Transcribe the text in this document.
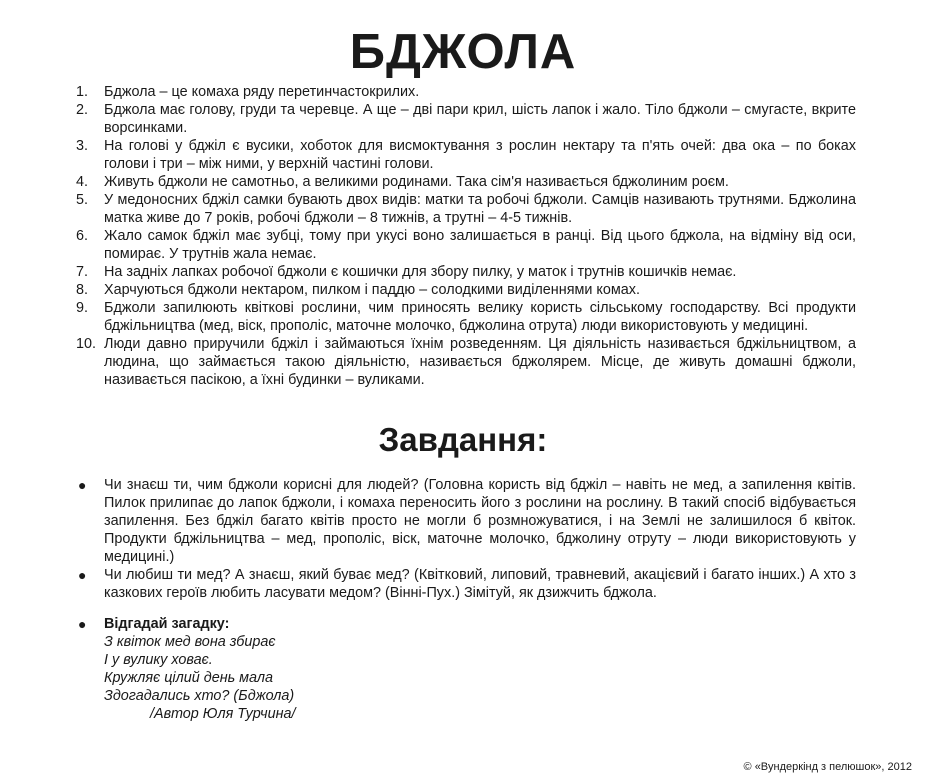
БДЖОЛА
1. Бджола – це комаха ряду перетинчастокрилих.
2. Бджола має голову, груди та черевце. А ще – дві пари крил, шість лапок і жало. Тіло бджоли – смугасте, вкрите ворсинками.
3. На голові у бджіл є вусики, хоботок для висмоктування з рослин нектару та п'ять очей: два ока – по боках голови і три – між ними, у верхній частині голови.
4. Живуть бджоли не самотньо, а великими родинами. Така сім'я називається бджолиним роєм.
5. У медоносних бджіл самки бувають двох видів: матки та робочі бджоли. Самців називають трутнями. Бджолина матка живе до 7 років, робочі бджоли – 8 тижнів, а трутні – 4-5 тижнів.
6. Жало самок бджіл має зубці, тому при укусі воно залишається в ранці. Від цього бджола, на відміну від оси, помирає. У трутнів жала немає.
7. На задніх лапках робочої бджоли є кошички для збору пилку, у маток і трутнів кошичків немає.
8. Харчуються бджоли нектаром, пилком і паддю – солодкими виділеннями комах.
9. Бджоли запилюють квіткові рослини, чим приносять велику користь сільському господарству. Всі продукти бджільництва (мед, віск, прополіс, маточне молочко, бджолина отрута) люди використовують у медицині.
10. Люди давно приручили бджіл і займаються їхнім розведенням. Ця діяльність називається бджільництвом, а людина, що займається такою діяльністю, називається бджолярем. Місце, де живуть домашні бджоли, називається пасікою, а їхні будинки – вуликами.
Завдання:
● Чи знаєш ти, чим бджоли корисні для людей? (Головна користь від бджіл – навіть не мед, а запилення квітів. Пилок прилипає до лапок бджоли, і комаха переносить його з рослини на рослину. В такий спосіб відбувається запилення. Без бджіл багато квітів просто не могли б розмножуватися, і на Землі не залишилося б квіток. Продукти бджільництва – мед, прополіс, віск, маточне молочко, бджолину отруту – люди використовують у медицині.)
● Чи любиш ти мед? А знаєш, який буває мед? (Квітковий, липовий, травневий, акацієвий і багато інших.) А хто з казкових героїв любить ласувати медом? (Вінні-Пух.) Зімітуй, як дзижчить бджола.
● Відгадай загадку:
З квіток мед вона збирає
І у вулику ховає.
Кружляє цілий день мала
Здогадались хто? (Бджола)
/Автор Юля Турчина/
© «Вундеркінд з пелюшок», 2012
